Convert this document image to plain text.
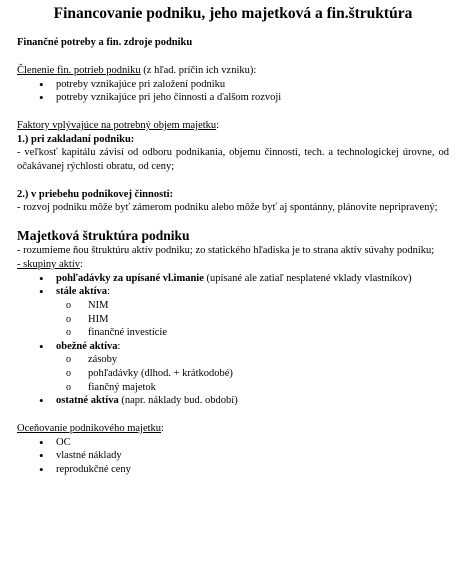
Financovanie podniku, jeho majetková a fin.štruktúra

Finančné potreby a fin. zdroje podniku

Členenie fin. potrieb podniku (z hľad. príčin ich vzniku):

• potreby vznikajúce pri založení podniku
• potreby vznikajúce pri jeho činnosti a ďalšom rozvoji

Faktory vplývajúce na potrebný objem majetku:

1.) pri zakladaní podniku:

- veľkosť kapitálu závisí od odboru podnikania, objemu činnosti, tech. a technologickej úrovne, od očakávanej rýchlosti obratu, od ceny;

2.) v priebehu podnikovej činnosti:

- rozvoj podniku môže byť zámerom podniku alebo môže byť aj spontánny, plánovite nepripravený;

Majetková štruktúra podniku

- rozumieme ňou štruktúru aktív podniku; zo statického hľadiska je to strana aktív súvahy podniku;

- skupiny aktív:

• pohľadávky za upísané vl.imanie (upísané ale zatiaľ nesplatené vklady vlastníkov)
• stále aktíva:
o NIM
o HIM
o finančné investície
• obežné aktíva:
o zásoby
o pohľadávky (dlhod. + krátkodobé)
o fiančný majetok
• ostatné aktíva (napr. náklady bud. období)

Oceňovanie podnikového majetku:

• OC
• vlastné náklady
• reprodukčné ceny
